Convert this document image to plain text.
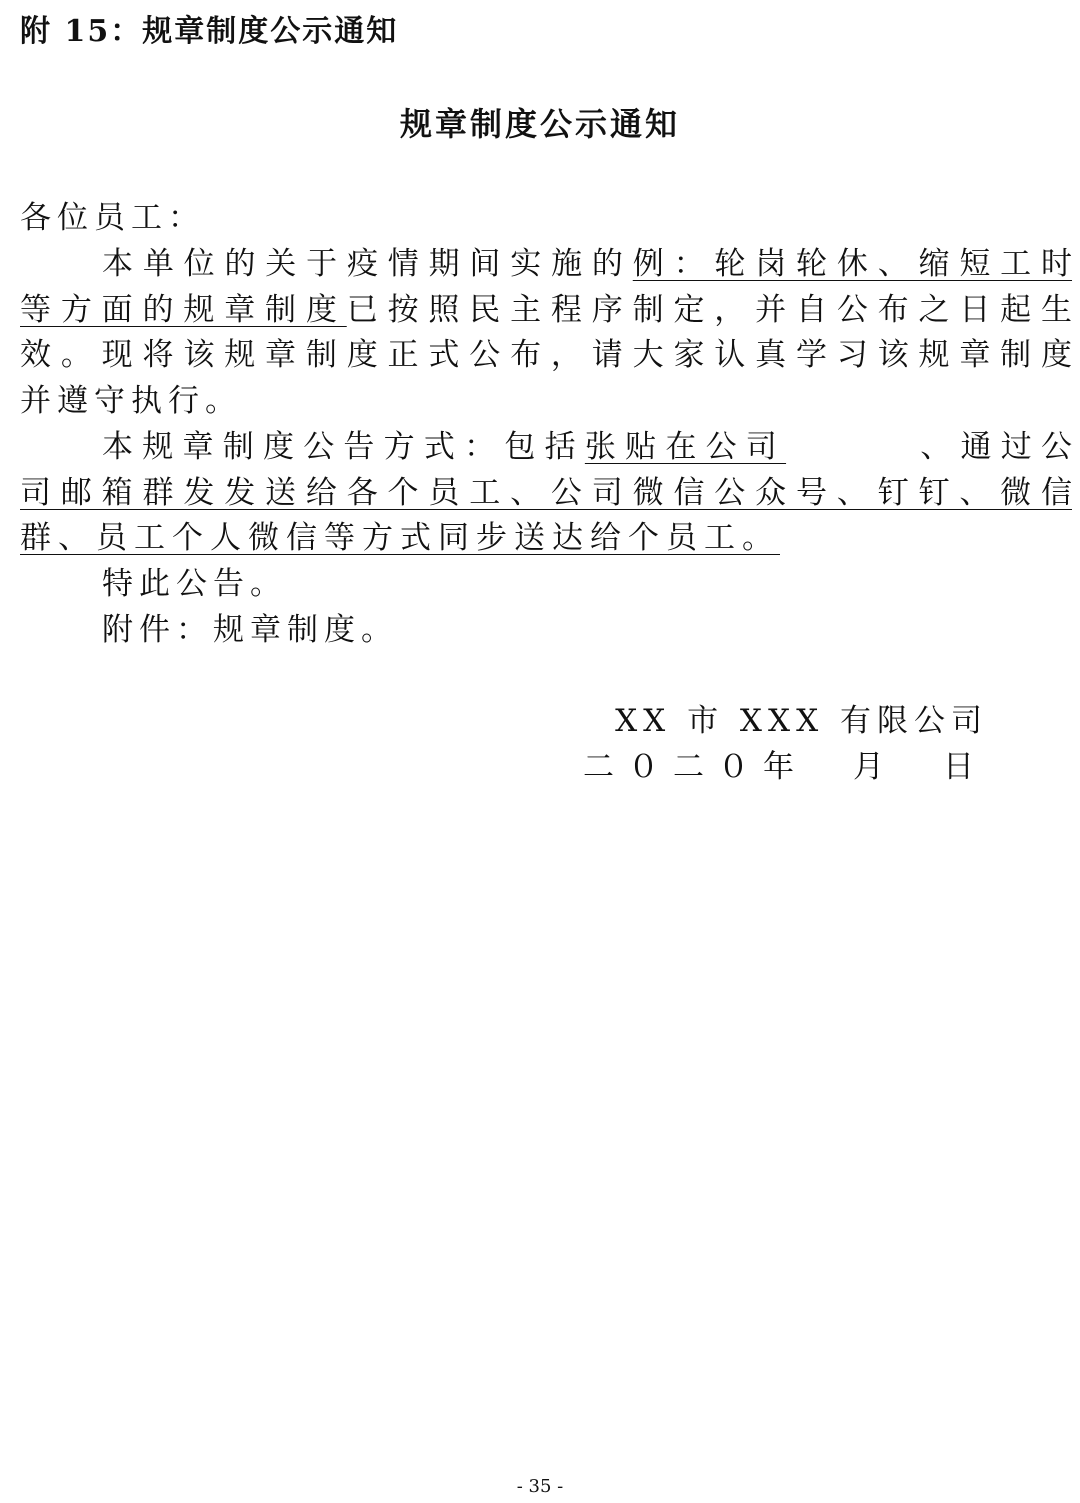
附 15：规章制度公示通知
规章制度公示通知
各位员工：
本单位的关于疫情期间实施的例：轮岗轮休、缩短工时
等方面的规章制度已按照民主程序制定，并自公布之日起生
效。现将该规章制度正式公布，请大家认真学习该规章制度
并遵守执行。
本规章制度公告方式：包括张贴在公司	、通过公
司邮箱群发发送给各个员工、公司微信公众号、钉钉、微信
群、员工个人微信等方式同步送达给个员工。
特此公告。
附件：规章制度。
XX 市 XXX 有限公司
二０二０年　月　日
- 35 -
